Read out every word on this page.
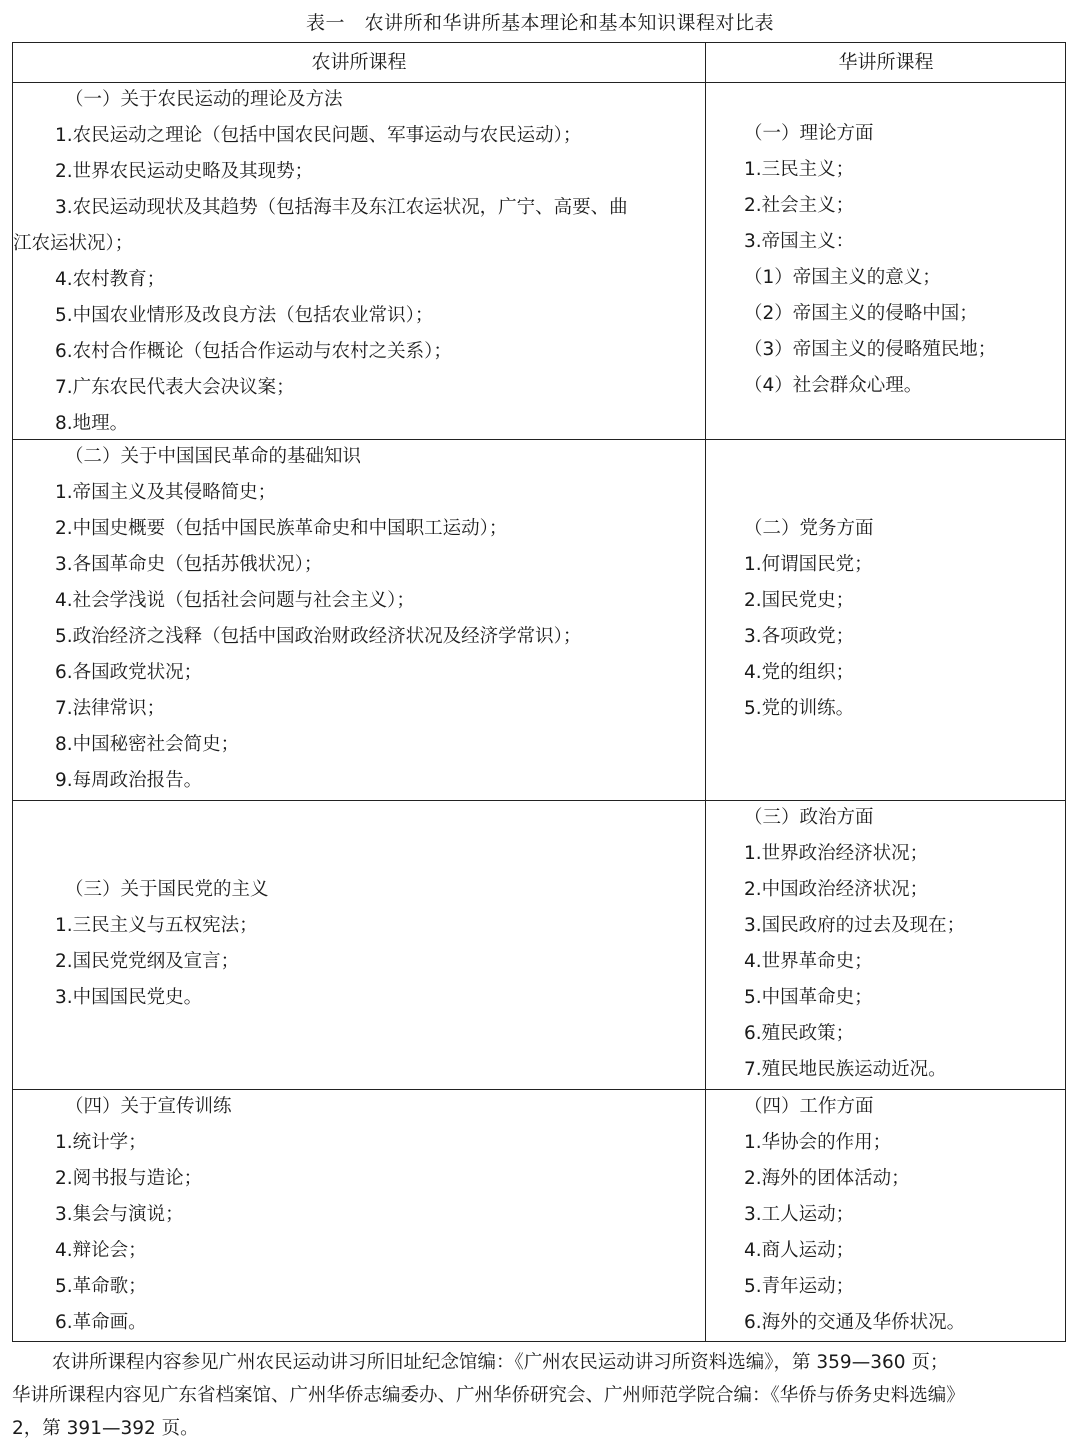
表一　农讲所和华讲所基本理论和基本知识课程对比表
农讲所课程	华讲所课程
（一）关于农民运动的理论及方法
1.农民运动之理论（包括中国农民问题、军事运动与农民运动）；
2.世界农民运动史略及其现势；
3.农民运动现状及其趋势（包括海丰及东江农运状况，广宁、高要、曲
江农运状况）；
4.农村教育；
5.中国农业情形及改良方法（包括农业常识）；
6.农村合作概论（包括合作运动与农村之关系）；
7.广东农民代表大会决议案；
8.地理。
（一）理论方面
1.三民主义；
2.社会主义；
3.帝国主义：
（1）帝国主义的意义；
（2）帝国主义的侵略中国；
（3）帝国主义的侵略殖民地；
（4）社会群众心理。
（二）关于中国国民革命的基础知识
1.帝国主义及其侵略简史；
2.中国史概要（包括中国民族革命史和中国职工运动）；
3.各国革命史（包括苏俄状况）；
4.社会学浅说（包括社会问题与社会主义）；
5.政治经济之浅释（包括中国政治财政经济状况及经济学常识）；
6.各国政党状况；
7.法律常识；
8.中国秘密社会简史；
9.每周政治报告。
（二）党务方面
1.何谓国民党；
2.国民党史；
3.各项政党；
4.党的组织；
5.党的训练。
（三）关于国民党的主义
1.三民主义与五权宪法；
2.国民党党纲及宣言；
3.中国国民党史。
（三）政治方面
1.世界政治经济状况；
2.中国政治经济状况；
3.国民政府的过去及现在；
4.世界革命史；
5.中国革命史；
6.殖民政策；
7.殖民地民族运动近况。
（四）关于宣传训练
1.统计学；
2.阅书报与造论；
3.集会与演说；
4.辩论会；
5.革命歌；
6.革命画。
（四）工作方面
1.华协会的作用；
2.海外的团体活动；
3.工人运动；
4.商人运动；
5.青年运动；
6.海外的交通及华侨状况。
农讲所课程内容参见广州农民运动讲习所旧址纪念馆编：《广州农民运动讲习所资料选编》，第 359—360 页；
华讲所课程内容见广东省档案馆、广州华侨志编委办、广州华侨研究会、广州师范学院合编：《华侨与侨务史料选编》
2，第 391—392 页。
